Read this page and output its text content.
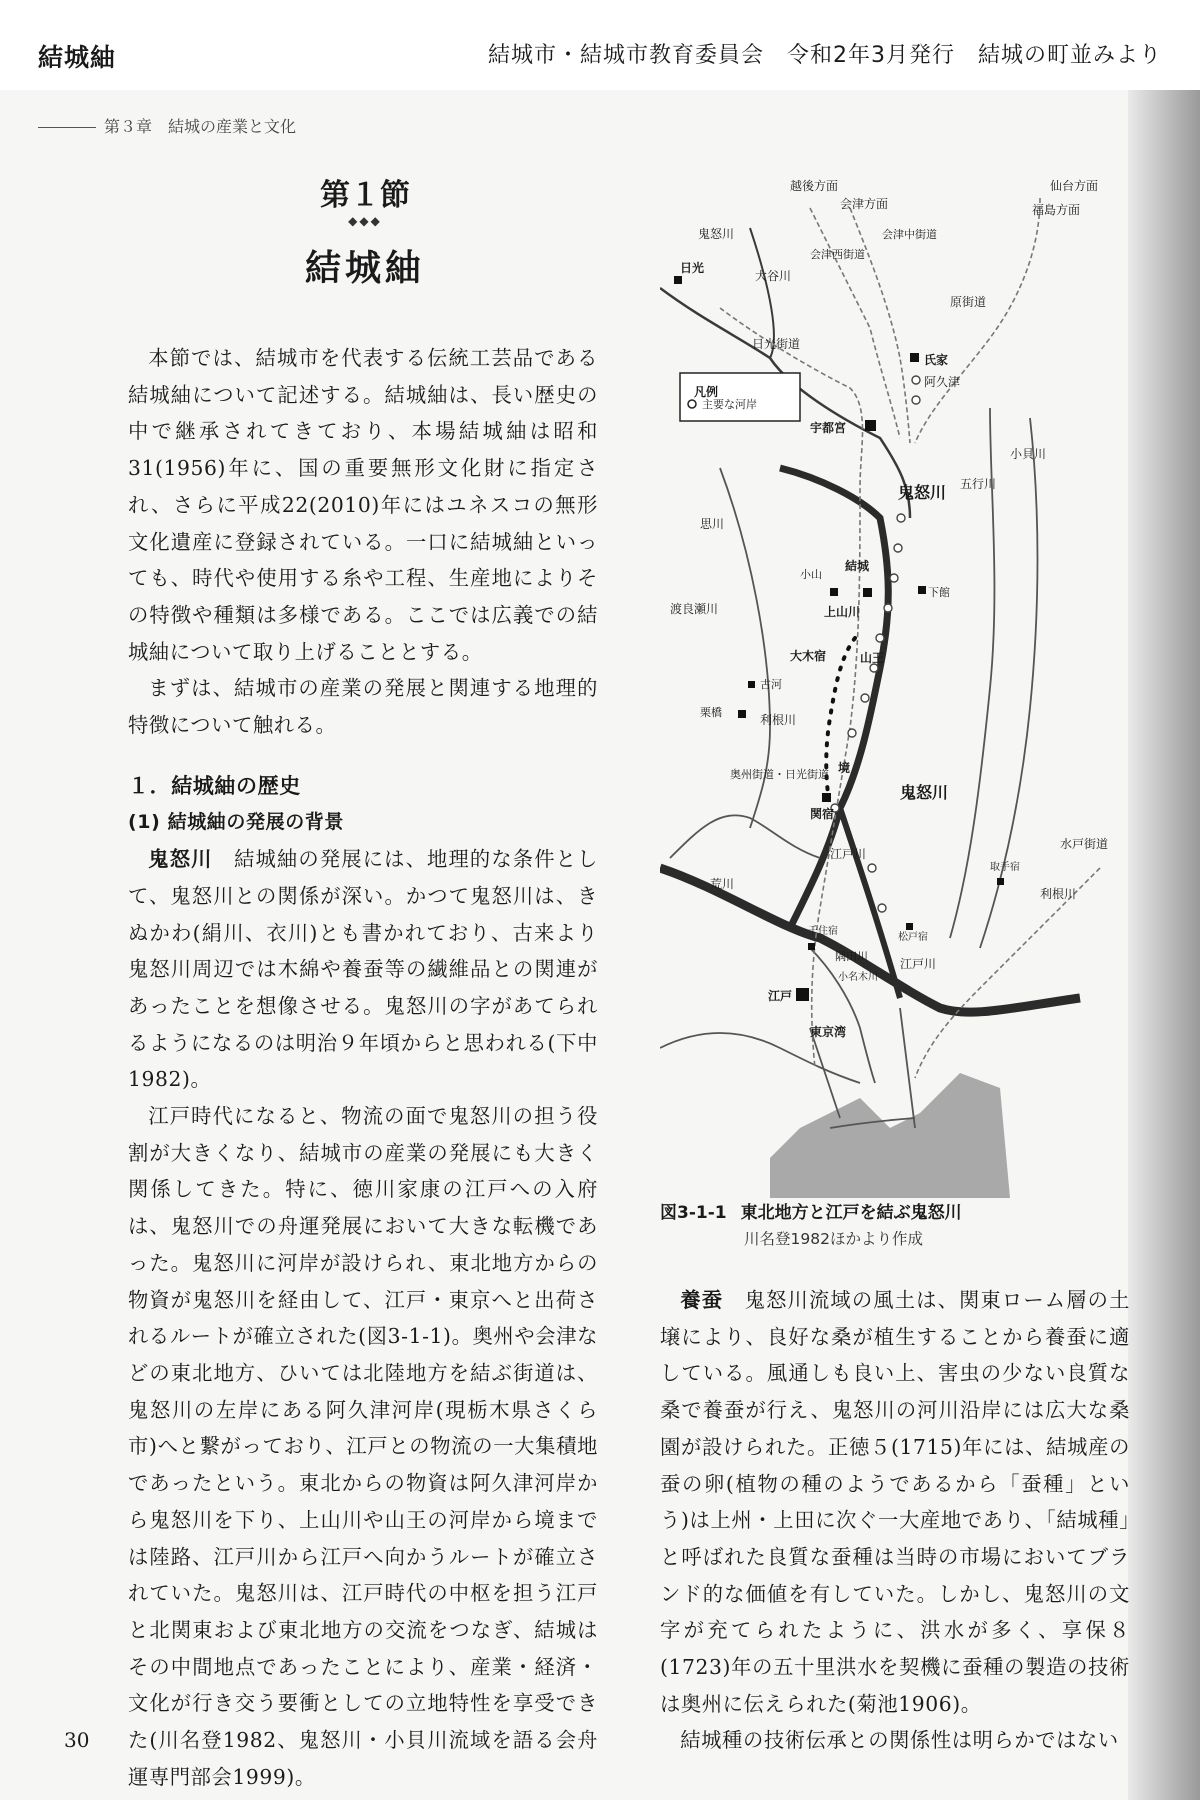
結城紬	結城市・結城市教育委員会　令和2年3月発行　結城の町並みより
第３章　結城の産業と文化
第１節
◆◆◆
結城紬

本節では、結城市を代表する伝統工芸品である結城紬について記述する。結城紬は、長い歴史の中で継承されてきており、本場結城紬は昭和31(1956)年に、国の重要無形文化財に指定され、さらに平成22(2010)年にはユネスコの無形文化遺産に登録されている。一口に結城紬といっても、時代や使用する糸や工程、生産地によりその特徴や種類は多様である。ここでは広義での結城紬について取り上げることとする。

まずは、結城市の産業の発展と関連する地理的特徴について触れる。

１．結城紬の歴史

(1) 結城紬の発展の背景

鬼怒川　結城紬の発展には、地理的な条件として、鬼怒川との関係が深い。かつて鬼怒川は、きぬかわ(絹川、衣川)とも書かれており、古来より鬼怒川周辺では木綿や養蚕等の繊維品との関連があったことを想像させる。鬼怒川の字があてられるようになるのは明治９年頃からと思われる(下中1982)。

江戸時代になると、物流の面で鬼怒川の担う役割が大きくなり、結城市の産業の発展にも大きく関係してきた。特に、徳川家康の江戸への入府は、鬼怒川での舟運発展において大きな転機であった。鬼怒川に河岸が設けられ、東北地方からの物資が鬼怒川を経由して、江戸・東京へと出荷されるルートが確立された(図3-1-1)。奥州や会津などの東北地方、ひいては北陸地方を結ぶ街道は、鬼怒川の左岸にある阿久津河岸(現栃木県さくら市)へと繋がっており、江戸との物流の一大集積地であったという。東北からの物資は阿久津河岸から鬼怒川を下り、上山川や山王の河岸から境までは陸路、江戸川から江戸へ向かうルートが確立されていた。鬼怒川は、江戸時代の中枢を担う江戸と北関東および東北地方の交流をつなぎ、結城はその中間地点であったことにより、産業・経済・文化が行き交う要衝としての立地特性を享受できた(川名登1982、鬼怒川・小貝川流域を語る会舟運専門部会1999)。

越後方面
会津方面
仙台方面
福島方面
日光
大谷川
鬼怒川
凡例
主要な河岸
氏家
阿久津
宇都宮
日光街道
原街道
会津西街道
会津中街道
鬼怒川 五行川
小貝川
思川
小山
結城
下館
渡良瀬川	上山川
大木宿	山王
古河
栗橋
利根川
奥州街道・日光街道 境
関宿
江戸川
鬼怒川
水戸街道
取手宿
利根川
荒川
千住宿
隅田川
松戸宿
江戸川
小名木川
江戸
東京湾
図3-1-1 東北地方と江戸を結ぶ鬼怒川
川名登1982ほかより作成

養蚕　鬼怒川流域の風土は、関東ローム層の土壌により、良好な桑が植生することから養蚕に適している。風通しも良い上、害虫の少ない良質な桑で養蚕が行え、鬼怒川の河川沿岸には広大な桑園が設けられた。正徳５(1715)年には、結城産の蚕の卵(植物の種のようであるから「蚕種」という)は上州・上田に次ぐ一大産地であり、「結城種」と呼ばれた良質な蚕種は当時の市場においてブランド的な価値を有していた。しかし、鬼怒川の文字が充てられたように、洪水が多く、享保８(1723)年の五十里洪水を契機に蚕種の製造の技術は奥州に伝えられた(菊池1906)。

結城種の技術伝承との関係性は明らかではない

30
